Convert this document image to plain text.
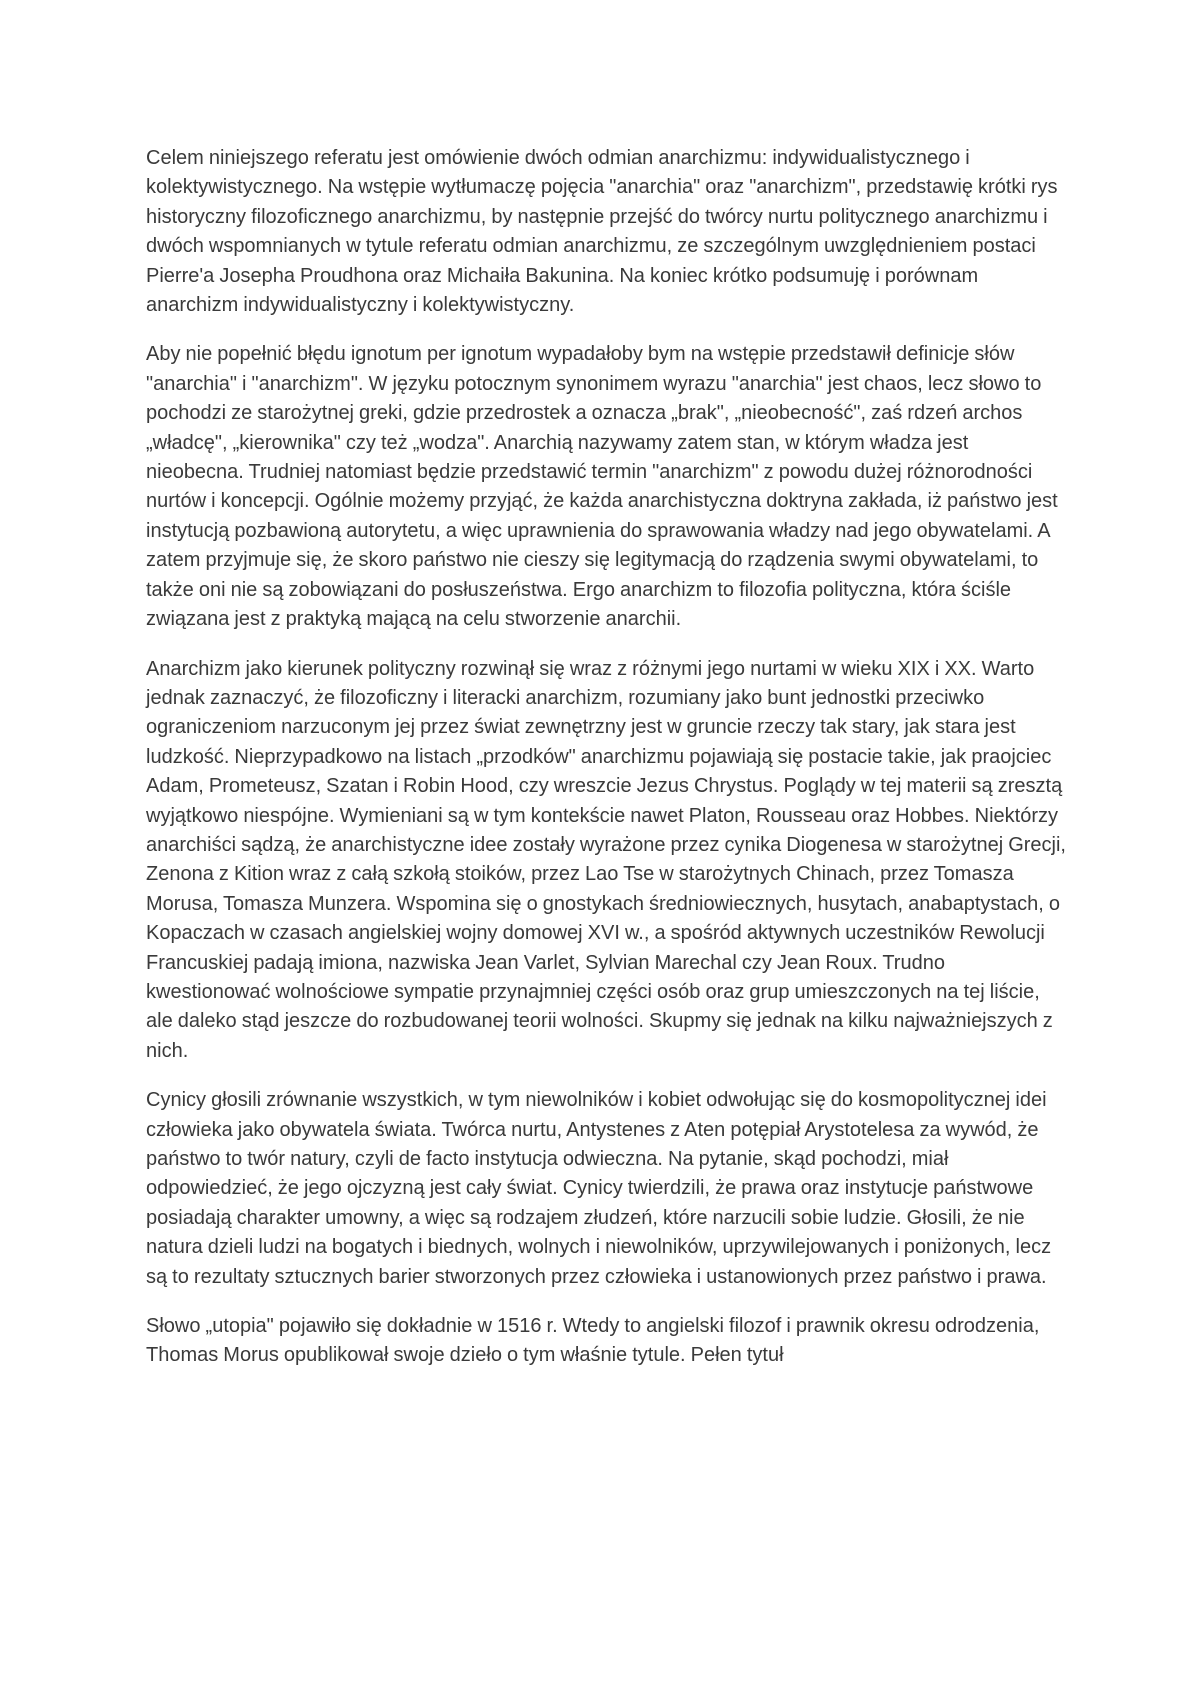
Celem niniejszego referatu jest omówienie dwóch odmian anarchizmu: indywidualistycznego i kolektywistycznego. Na wstępie wytłumaczę pojęcia "anarchia" oraz "anarchizm", przedstawię krótki rys historyczny filozoficznego anarchizmu, by następnie przejść do twórcy nurtu politycznego anarchizmu i dwóch wspomnianych w tytule referatu odmian anarchizmu, ze szczególnym uwzględnieniem postaci Pierre'a Josepha Proudhona oraz Michaiła Bakunina. Na koniec krótko podsumuję i porównam anarchizm indywidualistyczny i kolektywistyczny.

Aby nie popełnić błędu ignotum per ignotum wypadałoby bym na wstępie przedstawił definicje słów "anarchia" i "anarchizm". W języku potocznym synonimem wyrazu "anarchia" jest chaos, lecz słowo to pochodzi ze starożytnej greki, gdzie przedrostek a oznacza „brak", „nieobecność", zaś rdzeń archos „władcę", „kierownika" czy też „wodza". Anarchią nazywamy zatem stan, w którym władza jest nieobecna. Trudniej natomiast będzie przedstawić termin "anarchizm" z powodu dużej różnorodności nurtów i koncepcji. Ogólnie możemy przyjąć, że każda anarchistyczna doktryna zakłada, iż państwo jest instytucją pozbawioną autorytetu, a więc uprawnienia do sprawowania władzy nad jego obywatelami. A zatem przyjmuje się, że skoro państwo nie cieszy się legitymacją do rządzenia swymi obywatelami, to także oni nie są zobowiązani do posłuszeństwa. Ergo anarchizm to filozofia polityczna, która ściśle związana jest z praktyką mającą na celu stworzenie anarchii.

Anarchizm jako kierunek polityczny rozwinął się wraz z różnymi jego nurtami w wieku XIX i XX. Warto jednak zaznaczyć, że filozoficzny i literacki anarchizm, rozumiany jako bunt jednostki przeciwko ograniczeniom narzuconym jej przez świat zewnętrzny jest w gruncie rzeczy tak stary, jak stara jest ludzkość. Nieprzypadkowo na listach „przodków" anarchizmu pojawiają się postacie takie, jak praojciec Adam, Prometeusz, Szatan i Robin Hood, czy wreszcie Jezus Chrystus. Poglądy w tej materii są zresztą wyjątkowo niespójne. Wymieniani są w tym kontekście nawet Platon, Rousseau oraz Hobbes. Niektórzy anarchiści sądzą, że anarchistyczne idee zostały wyrażone przez cynika Diogenesa w starożytnej Grecji, Zenona z Kition wraz z całą szkołą stoików, przez Lao Tse w starożytnych Chinach, przez Tomasza Morusa, Tomasza Munzera. Wspomina się o gnostykach średniowiecznych, husytach, anabaptystach, o Kopaczach w czasach angielskiej wojny domowej XVI w., a spośród aktywnych uczestników Rewolucji Francuskiej padają imiona, nazwiska Jean Varlet, Sylvian Marechal czy Jean Roux. Trudno kwestionować wolnościowe sympatie przynajmniej części osób oraz grup umieszczonych na tej liście, ale daleko stąd jeszcze do rozbudowanej teorii wolności. Skupmy się jednak na kilku najważniejszych z nich.

Cynicy głosili zrównanie wszystkich, w tym niewolników i kobiet odwołując się do kosmopolitycznej idei człowieka jako obywatela świata. Twórca nurtu, Antystenes z Aten potępiał Arystotelesa za wywód, że państwo to twór natury, czyli de facto instytucja odwieczna. Na pytanie, skąd pochodzi, miał odpowiedzieć, że jego ojczyzną jest cały świat. Cynicy twierdzili, że prawa oraz instytucje państwowe posiadają charakter umowny, a więc są rodzajem złudzeń, które narzucili sobie ludzie. Głosili, że nie natura dzieli ludzi na bogatych i biednych, wolnych i niewolników, uprzywilejowanych i poniżonych, lecz są to rezultaty sztucznych barier stworzonych przez człowieka i ustanowionych przez państwo i prawa.

Słowo „utopia" pojawiło się dokładnie w 1516 r. Wtedy to angielski filozof i prawnik okresu odrodzenia, Thomas Morus opublikował swoje dzieło o tym właśnie tytule. Pełen tytuł
